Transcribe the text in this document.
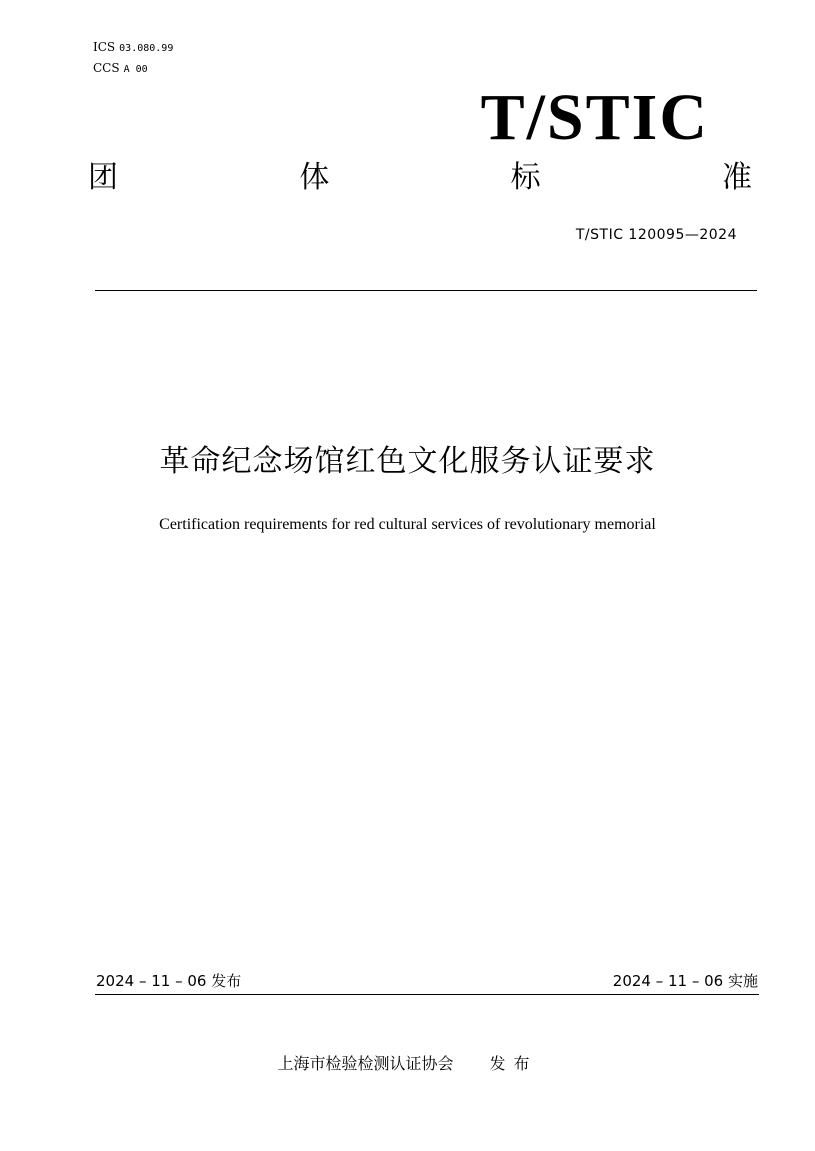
ICS 03.080.99
CCS A 00
T/STIC
团	体	标	准
T/STIC 120095—2024
革命纪念场馆红色文化服务认证要求
Certification requirements for red cultural services of revolutionary memorial
2024 – 11 – 06 发布	2024 – 11 – 06 实施
上海市检验检测认证协会 发布
